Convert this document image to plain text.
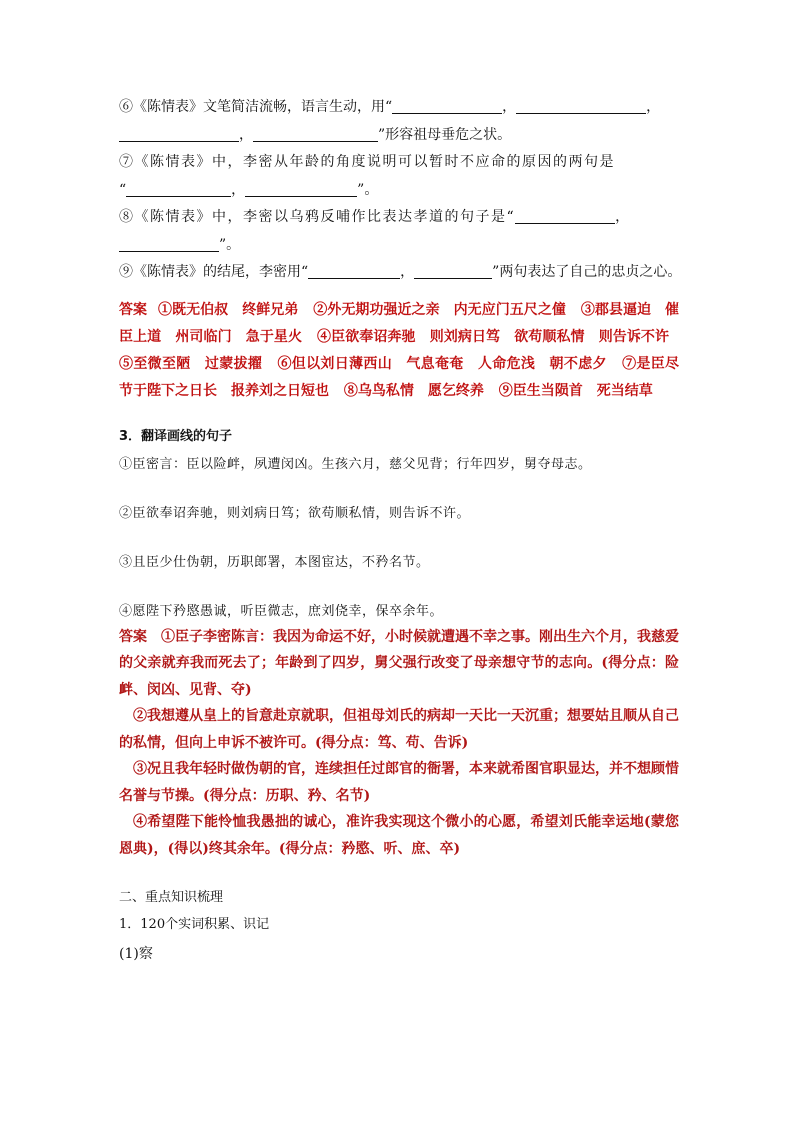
⑥《陈情表》文笔简洁流畅，语言生动，用“	，	，

，	”形容祖母垂危之状。

⑦《陈情表》中，李密从年龄的角度说明可以暂时不应命的原因的两句是

“	，	”。

⑧《陈情表》中，李密以乌鸦反哺作比表达孝道的句子是“	，

”。

⑨《陈情表》的结尾，李密用“	，	”两句表达了自己的忠贞之心。

答案 ①既无伯叔　终鲜兄弟 ②外无期功强近之亲　内无应门五尺之僮 ③郡县逼迫　催臣上道　州司临门　急于星火 ④臣欲奉诏奔驰　则刘病日笃　欲苟顺私情　则告诉不许 ⑤至微至陋　过蒙拔擢 ⑥但以刘日薄西山　气息奄奄　人命危浅　朝不虑夕 ⑦是臣尽节于陛下之日长　报养刘之日短也 ⑧乌鸟私情　愿乞终养 ⑨臣生当陨首　死当结草

3．翻译画线的句子

①臣密言：臣以险衅，夙遭闵凶。生孩六月，慈父见背；行年四岁，舅夺母志。

②臣欲奉诏奔驰，则刘病日笃；欲苟顺私情，则告诉不许。

③且臣少仕伪朝，历职郎署，本图宦达，不矜名节。

④愿陛下矜愍愚诚，听臣微志，庶刘侥幸，保卒余年。

答案　 ①臣子李密陈言：我因为命运不好，小时候就遭遇不幸之事。刚出生六个月，我慈爱的父亲就弃我而死去了；年龄到了四岁，舅父强行改变了母亲想守节的志向。(得分点：险衅、闵凶、见背、夺)
②我想遵从皇上的旨意赴京就职，但祖母刘氏的病却一天比一天沉重；想要姑且顺从自己的私情，但向上申诉不被许可。(得分点：笃、苟、告诉)
③况且我年轻时做伪朝的官，连续担任过郎官的衙署，本来就希图官职显达，并不想顾惜名誉与节操。(得分点：历职、矜、名节)
④希望陛下能怜恤我愚拙的诚心，准许我实现这个微小的心愿，希望刘氏能幸运地(蒙您恩典)，(得以)终其余年。(得分点：矜愍、听、庶、卒)

二、重点知识梳理

1．120个实词积累、识记

(1)察
